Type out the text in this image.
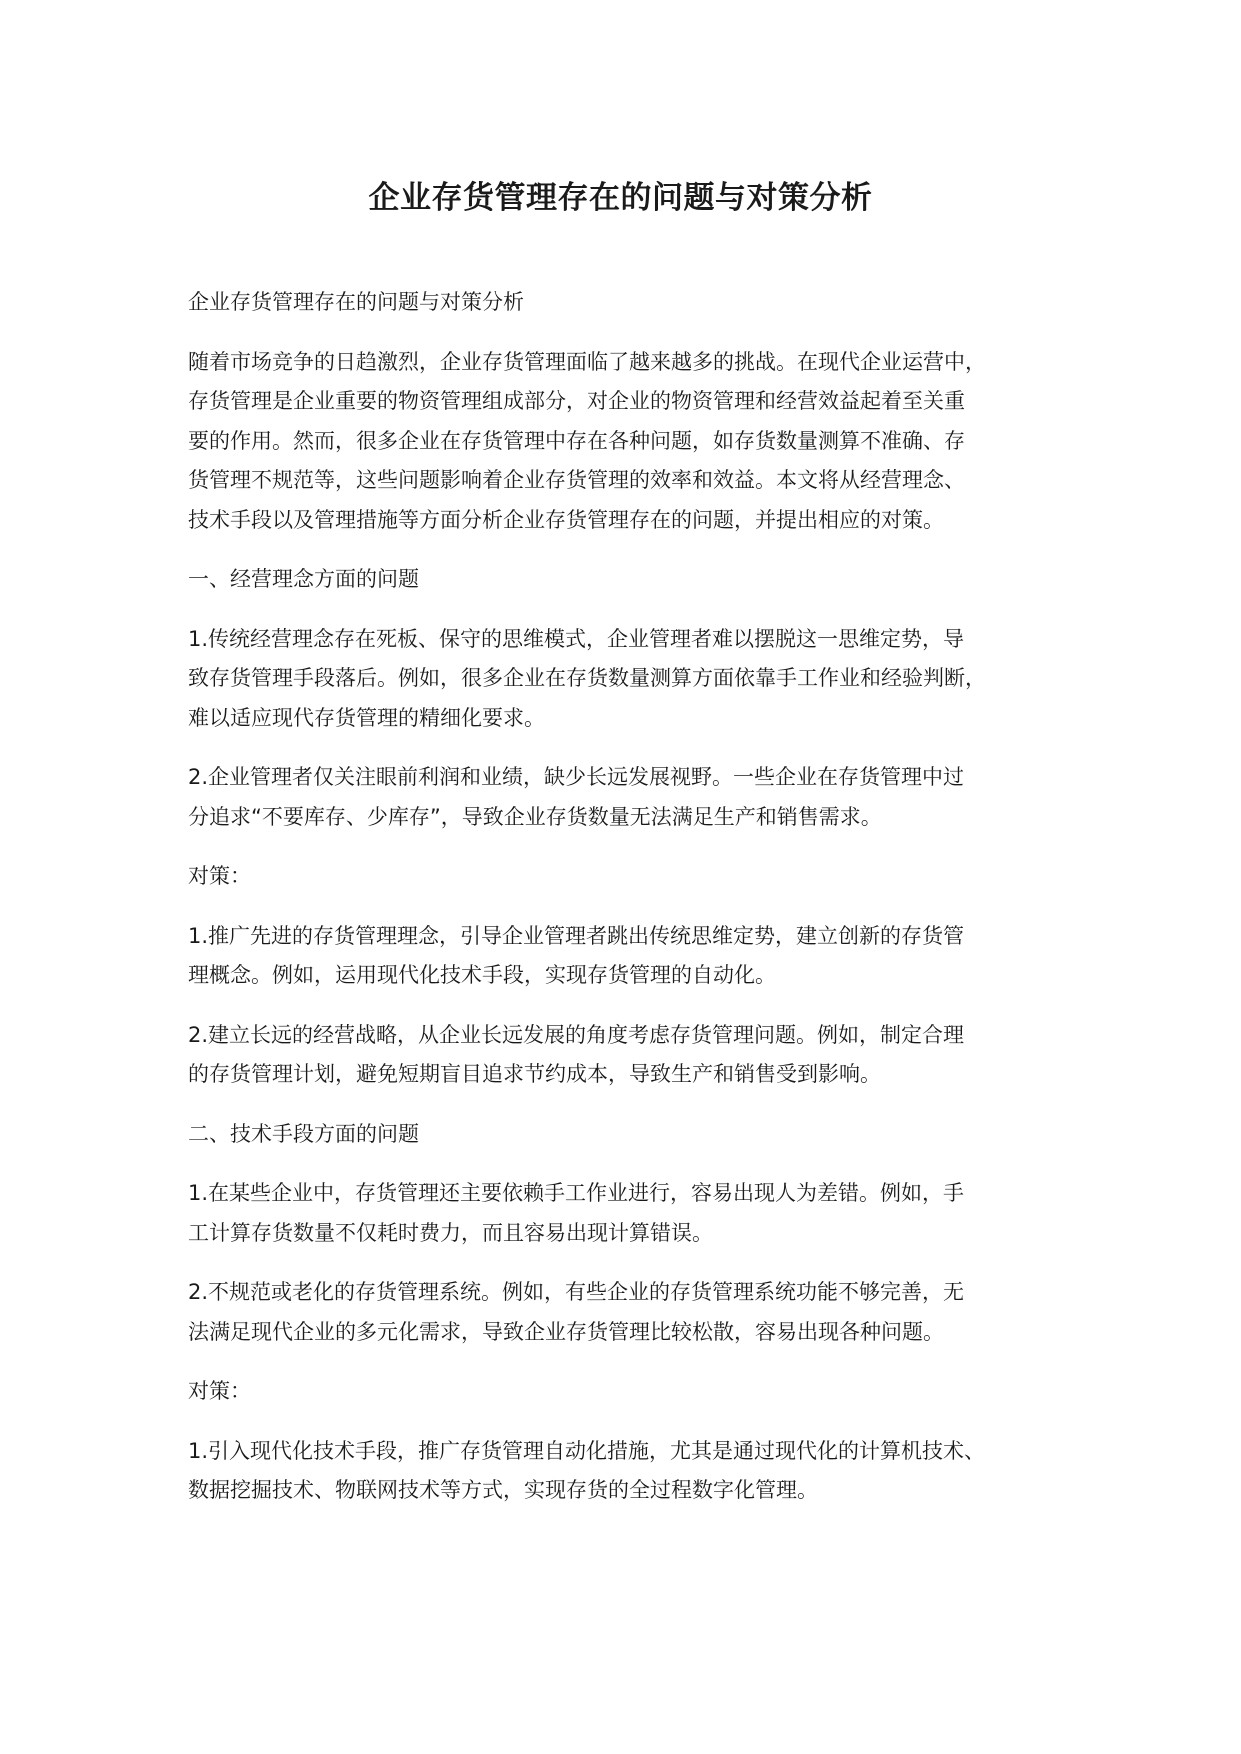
企业存货管理存在的问题与对策分析
企业存货管理存在的问题与对策分析
随着市场竞争的日趋激烈，企业存货管理面临了越来越多的挑战。在现代企业运营中，
存货管理是企业重要的物资管理组成部分，对企业的物资管理和经营效益起着至关重
要的作用。然而，很多企业在存货管理中存在各种问题，如存货数量测算不准确、存
货管理不规范等，这些问题影响着企业存货管理的效率和效益。本文将从经营理念、
技术手段以及管理措施等方面分析企业存货管理存在的问题，并提出相应的对策。
一、经营理念方面的问题
1.传统经营理念存在死板、保守的思维模式，企业管理者难以摆脱这一思维定势，导
致存货管理手段落后。例如，很多企业在存货数量测算方面依靠手工作业和经验判断，
难以适应现代存货管理的精细化要求。
2.企业管理者仅关注眼前利润和业绩，缺少长远发展视野。一些企业在存货管理中过
分追求“不要库存、少库存”，导致企业存货数量无法满足生产和销售需求。
对策：
1.推广先进的存货管理理念，引导企业管理者跳出传统思维定势，建立创新的存货管
理概念。例如，运用现代化技术手段，实现存货管理的自动化。
2.建立长远的经营战略，从企业长远发展的角度考虑存货管理问题。例如，制定合理
的存货管理计划，避免短期盲目追求节约成本，导致生产和销售受到影响。
二、技术手段方面的问题
1.在某些企业中，存货管理还主要依赖手工作业进行，容易出现人为差错。例如，手
工计算存货数量不仅耗时费力，而且容易出现计算错误。
2.不规范或老化的存货管理系统。例如，有些企业的存货管理系统功能不够完善，无
法满足现代企业的多元化需求，导致企业存货管理比较松散，容易出现各种问题。
对策：
1.引入现代化技术手段，推广存货管理自动化措施，尤其是通过现代化的计算机技术、
数据挖掘技术、物联网技术等方式，实现存货的全过程数字化管理。
